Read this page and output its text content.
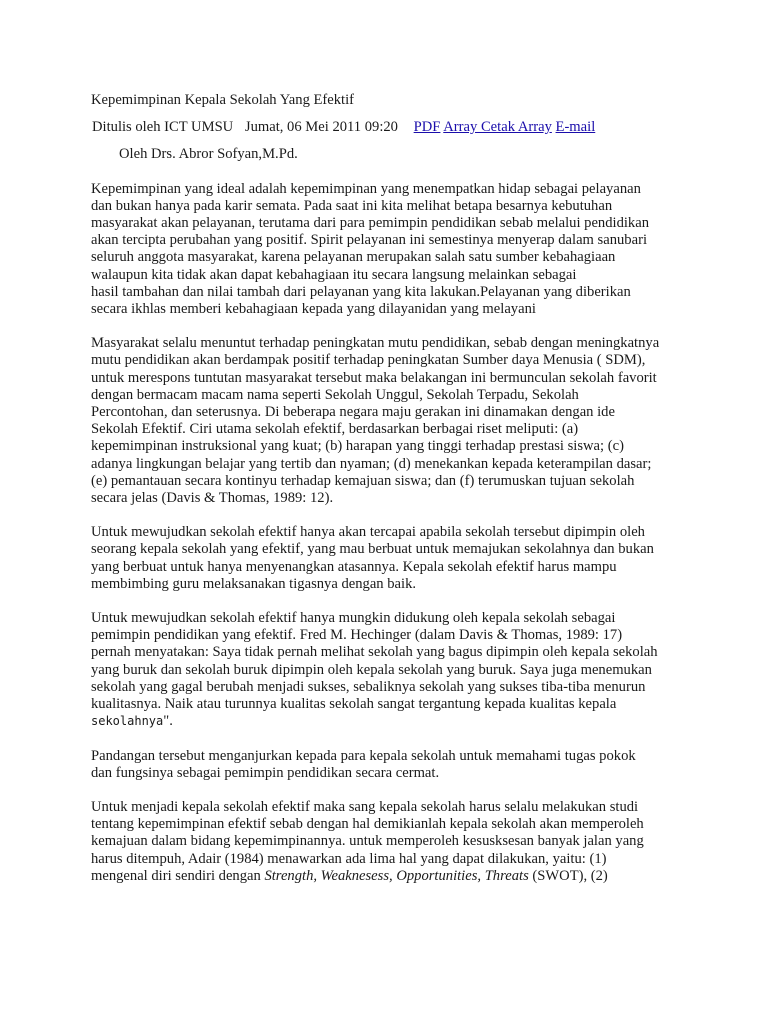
Kepemimpinan Kepala Sekolah Yang Efektif

Ditulis oleh ICT UMSU Jumat, 06 Mei 2011 09:20 PDF Array Cetak Array E-mail

Oleh Drs. Abror Sofyan,M.Pd.

Kepemimpinan yang ideal adalah kepemimpinan yang menempatkan hidap sebagai pelayanan
dan bukan hanya pada karir semata. Pada saat ini kita melihat betapa besarnya kebutuhan
masyarakat akan pelayanan, terutama dari para pemimpin pendidikan sebab melalui pendidikan
akan tercipta perubahan yang positif. Spirit pelayanan ini semestinya menyerap dalam sanubari
seluruh anggota masyarakat, karena pelayanan merupakan salah satu sumber kebahagiaan
walaupun kita tidak akan dapat kebahagiaan itu secara langsung melainkan sebagai
hasil tambahan dan nilai tambah dari pelayanan yang kita lakukan.Pelayanan yang diberikan
secara ikhlas memberi kebahagiaan kepada yang dilayanidan yang melayani

Masyarakat selalu menuntut terhadap peningkatan mutu pendidikan, sebab dengan meningkatnya
mutu pendidikan akan berdampak positif terhadap peningkatan Sumber daya Menusia ( SDM),
untuk merespons tuntutan masyarakat tersebut maka belakangan ini bermunculan sekolah favorit
dengan bermacam macam nama seperti Sekolah Unggul, Sekolah Terpadu, Sekolah
Percontohan, dan seterusnya. Di beberapa negara maju gerakan ini dinamakan dengan ide
Sekolah Efektif. Ciri utama sekolah efektif, berdasarkan berbagai riset meliputi: (a)
kepemimpinan instruksional yang kuat; (b) harapan yang tinggi terhadap prestasi siswa; (c)
adanya lingkungan belajar yang tertib dan nyaman; (d) menekankan kepada keterampilan dasar;
(e) pemantauan secara kontinyu terhadap kemajuan siswa; dan (f) terumuskan tujuan sekolah
secara jelas (Davis & Thomas, 1989: 12).

Untuk mewujudkan sekolah efektif hanya akan tercapai apabila sekolah tersebut dipimpin oleh
seorang kepala sekolah yang efektif, yang mau berbuat untuk memajukan sekolahnya dan bukan
yang berbuat untuk hanya menyenangkan atasannya. Kepala sekolah efektif harus mampu
membimbing guru melaksanakan tigasnya dengan baik.

Untuk mewujudkan sekolah efektif hanya mungkin didukung oleh kepala sekolah sebagai
pemimpin pendidikan yang efektif. Fred M. Hechinger (dalam Davis & Thomas, 1989: 17)
pernah menyatakan: Saya tidak pernah melihat sekolah yang bagus dipimpin oleh kepala sekolah
yang buruk dan sekolah buruk dipimpin oleh kepala sekolah yang buruk. Saya juga menemukan
sekolah yang gagal berubah menjadi sukses, sebaliknya sekolah yang sukses tiba-tiba menurun
kualitasnya. Naik atau turunnya kualitas sekolah sangat tergantung kepada kualitas kepala
sekolahnya".

Pandangan tersebut menganjurkan kepada para kepala sekolah untuk memahami tugas pokok
dan fungsinya sebagai pemimpin pendidikan secara cermat.

Untuk menjadi kepala sekolah efektif maka sang kepala sekolah harus selalu melakukan studi
tentang kepemimpinan efektif sebab dengan hal demikianlah kepala sekolah akan memperoleh
kemajuan dalam bidang kepemimpinannya. untuk memperoleh kesusksesan banyak jalan yang
harus ditempuh, Adair (1984) menawarkan ada lima hal yang dapat dilakukan, yaitu: (1)
mengenal diri sendiri dengan Strength, Weaknesess, Opportunities, Threats (SWOT), (2)
